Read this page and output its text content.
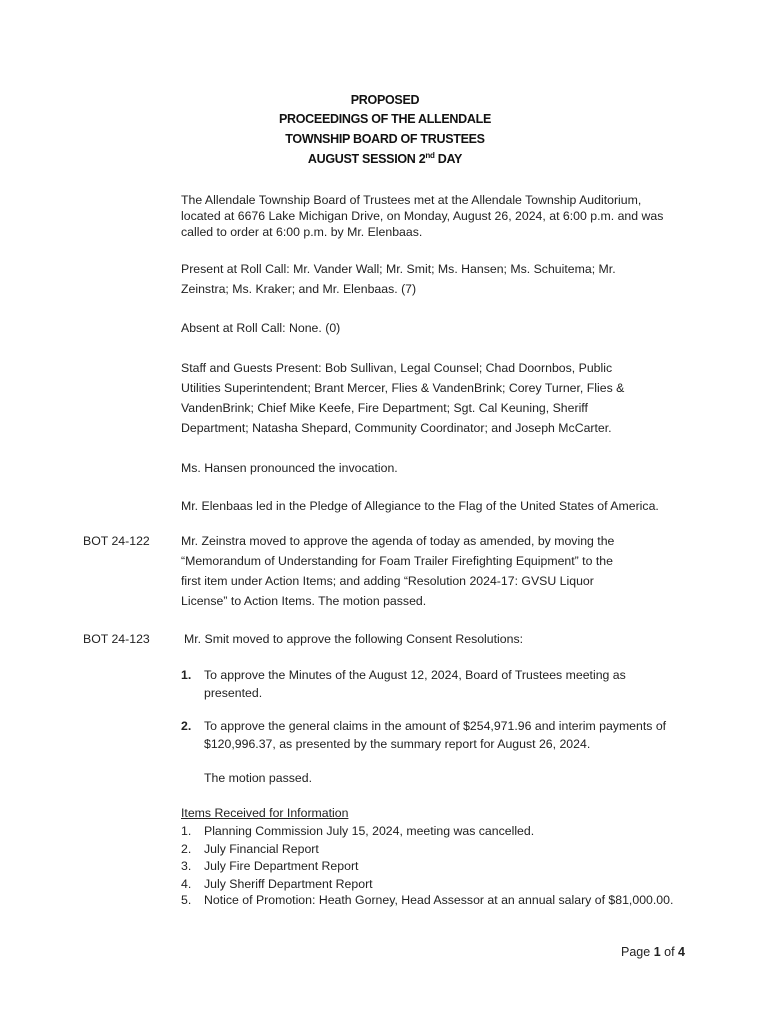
PROPOSED
PROCEEDINGS OF THE ALLENDALE
TOWNSHIP BOARD OF TRUSTEES
AUGUST SESSION 2nd DAY
The Allendale Township Board of Trustees met at the Allendale Township Auditorium,
located at 6676 Lake Michigan Drive, on Monday, August 26, 2024, at 6:00 p.m. and was
called to order at 6:00 p.m. by Mr. Elenbaas.
Present at Roll Call: Mr. Vander Wall; Mr. Smit; Ms. Hansen; Ms. Schuitema; Mr.
Zeinstra; Ms. Kraker; and Mr. Elenbaas. (7)
Absent at Roll Call: None. (0)
Staff and Guests Present: Bob Sullivan, Legal Counsel; Chad Doornbos, Public
Utilities Superintendent; Brant Mercer, Flies & VandenBrink; Corey Turner, Flies &
VandenBrink; Chief Mike Keefe, Fire Department; Sgt. Cal Keuning, Sheriff
Department; Natasha Shepard, Community Coordinator; and Joseph McCarter.
Ms. Hansen pronounced the invocation.
Mr. Elenbaas led in the Pledge of Allegiance to the Flag of the United States of America.
BOT 24-122	Mr. Zeinstra moved to approve the agenda of today as amended, by moving the
“Memorandum of Understanding for Foam Trailer Firefighting Equipment” to the
first item under Action Items; and adding “Resolution 2024-17: GVSU Liquor
License” to Action Items. The motion passed.
BOT 24-123	Mr. Smit moved to approve the following Consent Resolutions:
1. To approve the Minutes of the August 12, 2024, Board of Trustees meeting as
presented.
2. To approve the general claims in the amount of $254,971.96 and interim payments of
$120,996.37, as presented by the summary report for August 26, 2024.
The motion passed.
Items Received for Information
1. Planning Commission July 15, 2024, meeting was cancelled.
2. July Financial Report
3. July Fire Department Report
4. July Sheriff Department Report
5. Notice of Promotion: Heath Gorney, Head Assessor at an annual salary of $81,000.00.
Page 1 of 4
